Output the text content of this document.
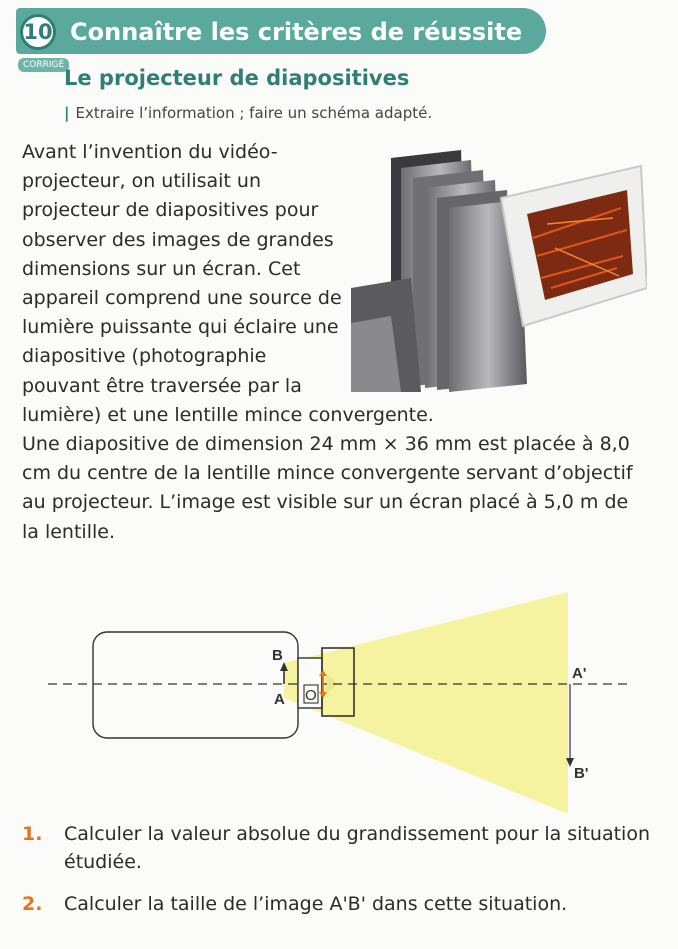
10 Connaître les critères de réussite
CORRIGÉ
Le projecteur de diapositives
| Extraire l’information ; faire un schéma adapté.

Avant l’invention du vidéo-projecteur, on utilisait un projecteur de diapositives pour observer des images de grandes dimensions sur un écran. Cet appareil comprend une source de lumière puissante qui éclaire une diapositive (photographie pouvant être traversée par la lumière) et une lentille mince convergente.

Une diapositive de dimension 24 mm × 36 mm est placée à 8,0 cm du centre de la lentille mince convergente servant d’objectif au projecteur. L’image est visible sur un écran placé à 5,0 m de la lentille.

B
A O
A'
B'
1. Calculer la valeur absolue du grandissement pour la situation étudiée.
2. Calculer la taille de l’image A'B' dans cette situation.
